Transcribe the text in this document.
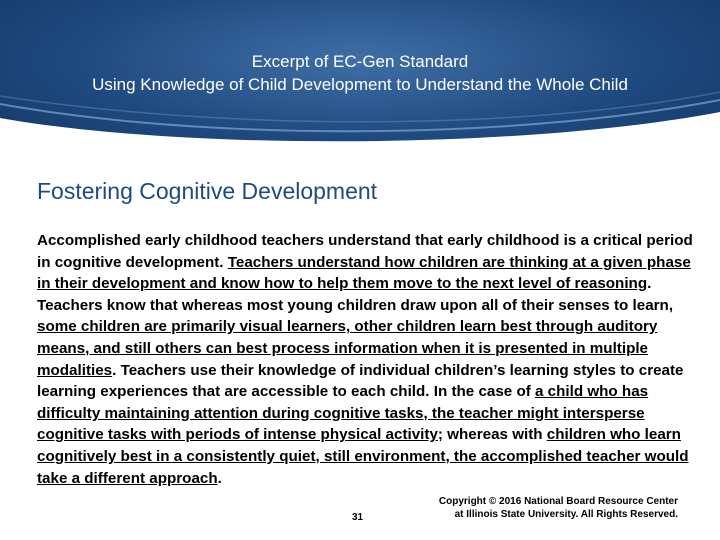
Excerpt of EC-Gen Standard
Using Knowledge of Child Development to Understand the Whole Child
Fostering Cognitive Development
Accomplished early childhood teachers understand that early childhood is a critical period in cognitive development. Teachers understand how children are thinking at a given phase in their development and know how to help them move to the next level of reasoning. Teachers know that whereas most young children draw upon all of their senses to learn, some children are primarily visual learners, other children learn best through auditory means, and still others can best process information when it is presented in multiple modalities. Teachers use their knowledge of individual children’s learning styles to create learning experiences that are accessible to each child. In the case of a child who has difficulty maintaining attention during cognitive tasks, the teacher might intersperse cognitive tasks with periods of intense physical activity; whereas with children who learn cognitively best in a consistently quiet, still environment, the accomplished teacher would take a different approach.
31
Copyright © 2016 National Board Resource Center at Illinois State University. All Rights Reserved.
